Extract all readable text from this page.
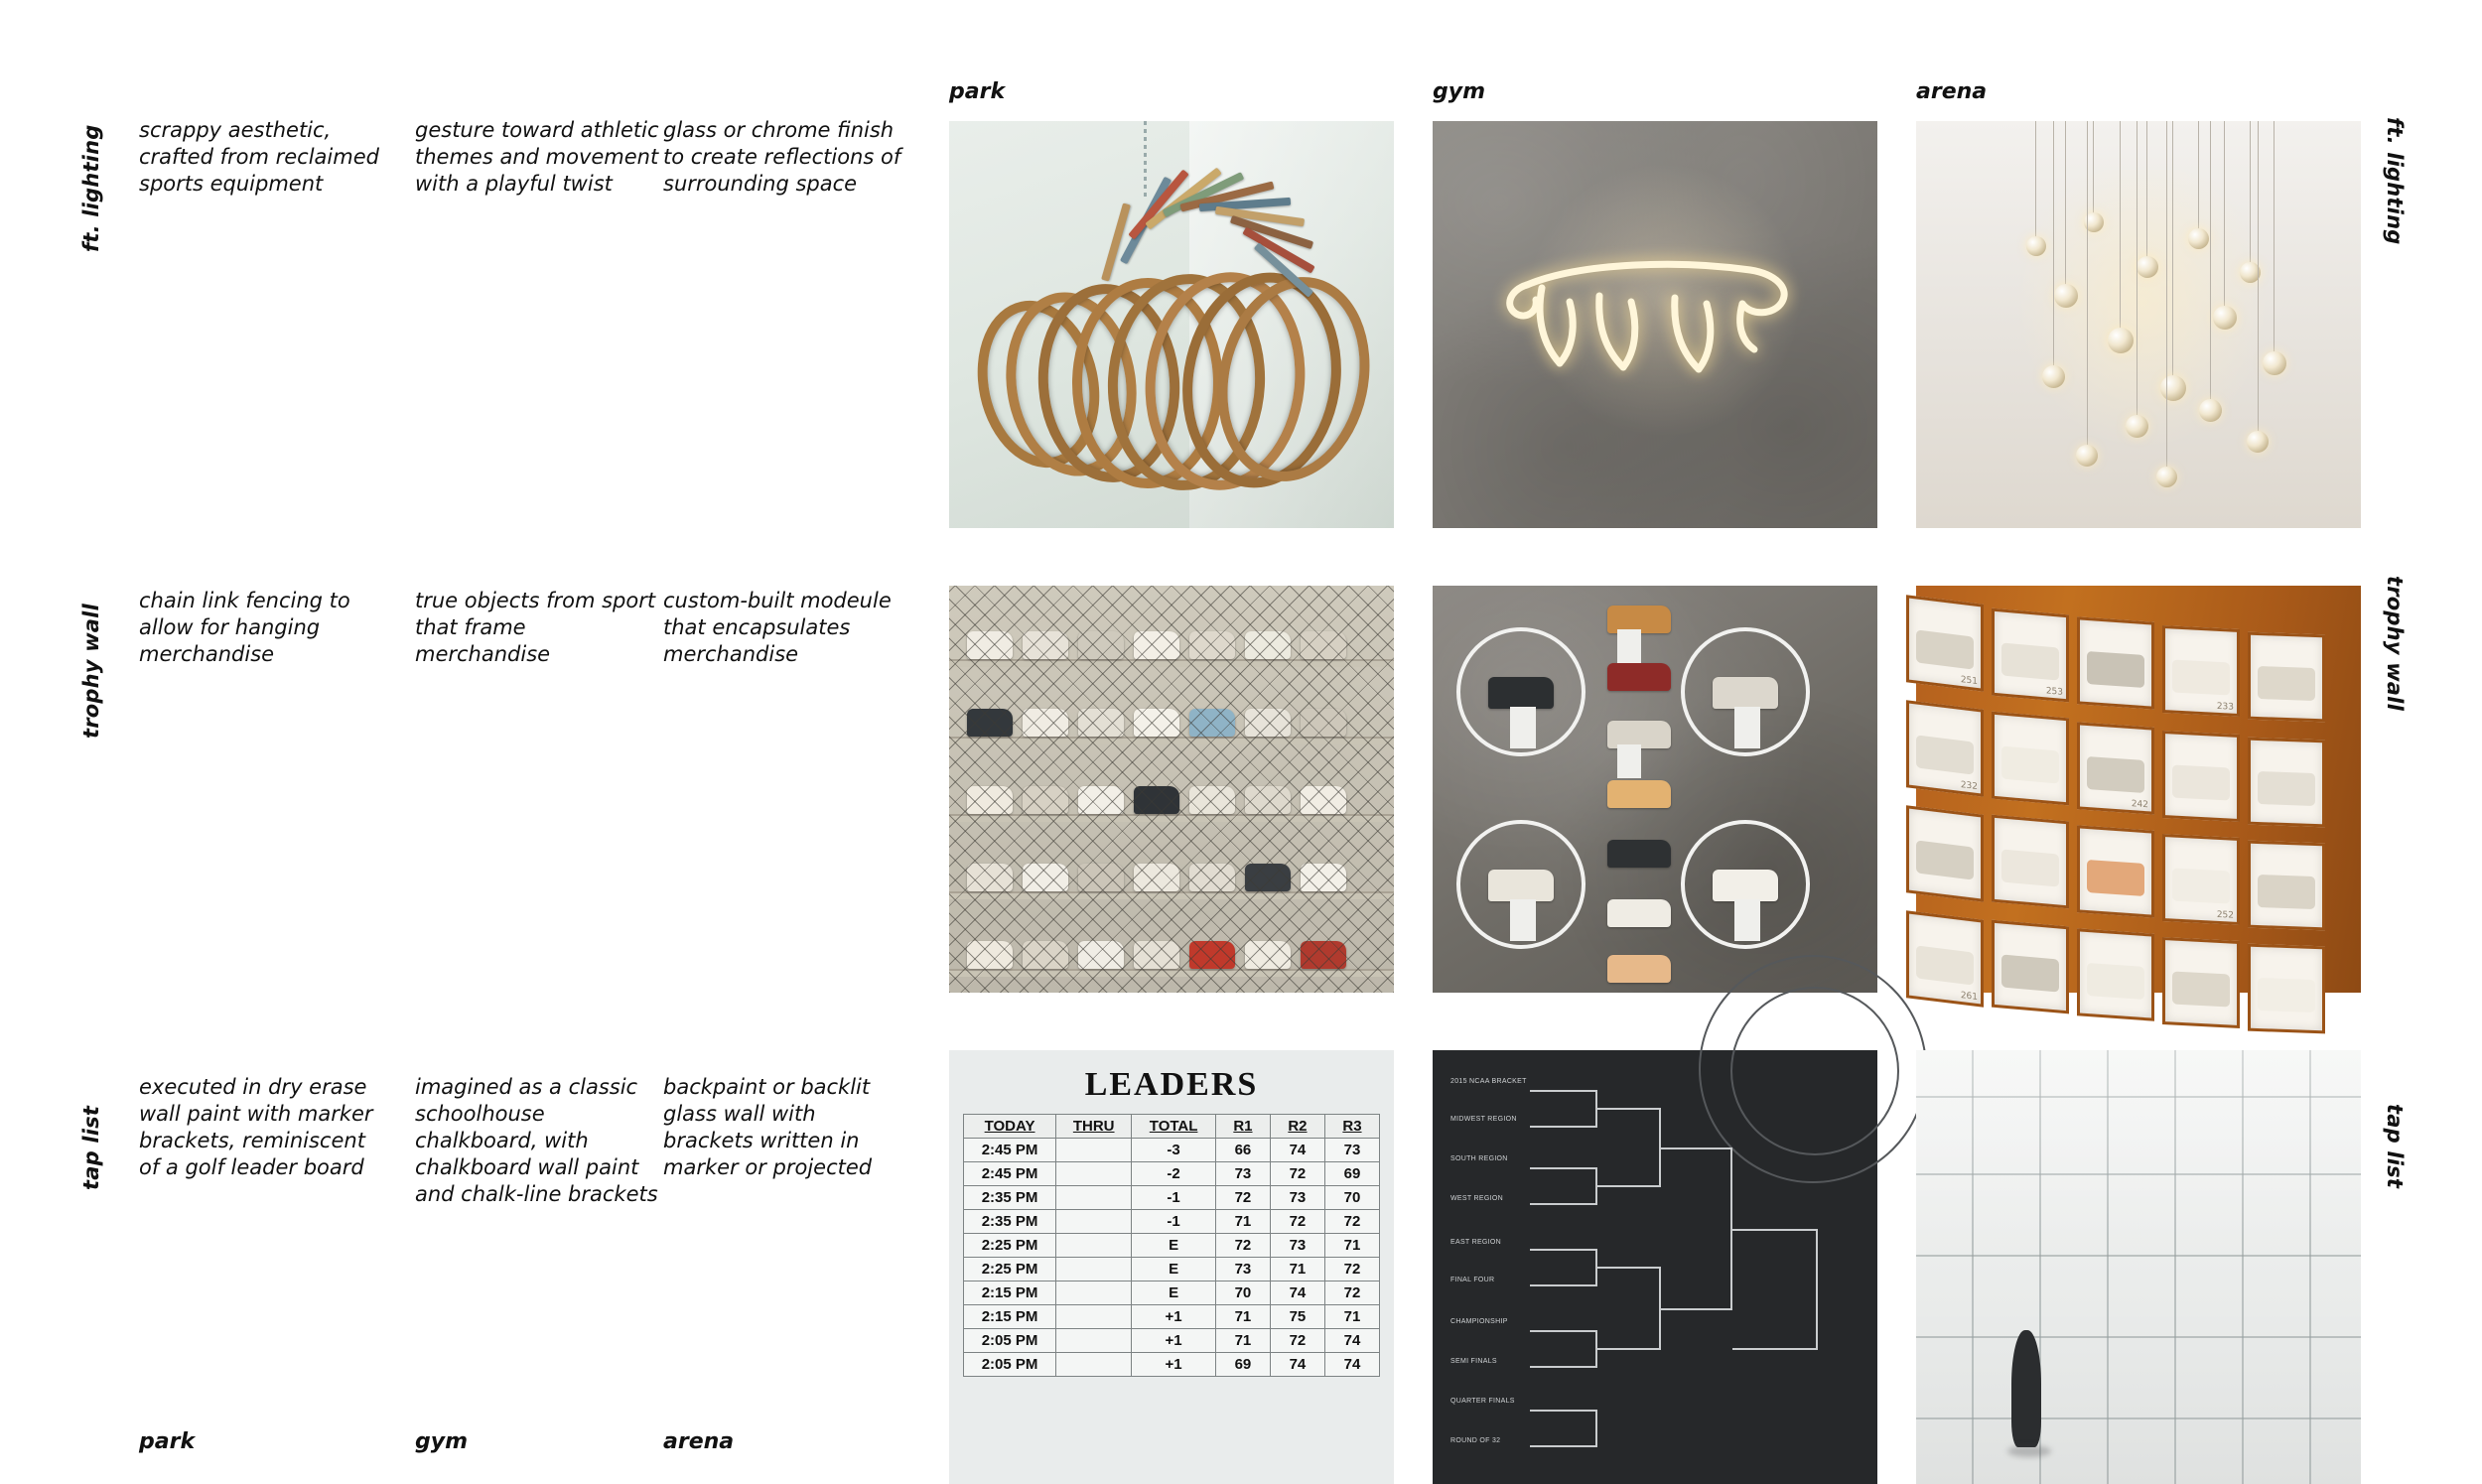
ft. lighting	ft. lighting
scrappy aesthetic, crafted from reclaimed sports equipment
gesture toward athletic themes and movement with a playful twist
glass or chrome finish to create reflections of surrounding space
park	gym	arena
trophy wall	trophy wall
chain link fencing to allow for hanging merchandise
true objects from sport that frame merchandise
custom-built modeule that encapsulates merchandise
251
253
233
232
242
252
261
tap list	tap list
executed in dry erase wall paint with marker brackets, reminiscent of a golf leader board
imagined as a classic schoolhouse chalkboard, with chalkboard wall paint and chalk-line brackets
backpaint or backlit glass wall with brackets written in marker or projected
park	gym	arena
LEADERS
TODAY	THRU	TOTAL	R1	R2	R3
2:45 PM		-3	66	74	73
2:45 PM		-2	73	72	69
2:35 PM		-1	72	73	70
2:35 PM		-1	71	72	72
2:25 PM		E	72	73	71
2:25 PM		E	73	71	72
2:15 PM		E	70	74	72
2:15 PM		+1	71	75	71
2:05 PM		+1	71	72	74
2:05 PM		+1	69	74	74
2015 NCAA BRACKET
MIDWEST REGION
SOUTH REGION
WEST REGION
EAST REGION
FINAL FOUR
CHAMPIONSHIP
SEMI FINALS
QUARTER FINALS
ROUND OF 32
